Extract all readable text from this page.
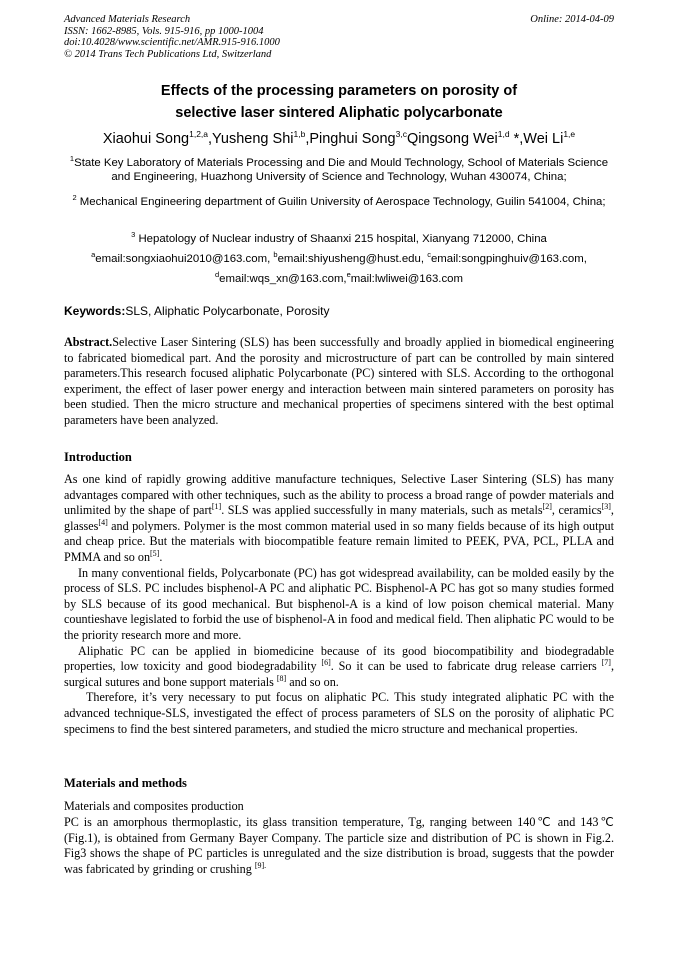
Advanced Materials Research
ISSN: 1662-8985, Vols. 915-916, pp 1000-1004
doi:10.4028/www.scientific.net/AMR.915-916.1000
© 2014 Trans Tech Publications Ltd, Switzerland
Online: 2014-04-09
Effects of the processing parameters on porosity of
selective laser sintered Aliphatic polycarbonate
Xiaohui Song$^{1,2,a}$,Yusheng Shi$^{1,b}$,Pinghui Song$^{3,c}$Qingsong Wei$^{1,d}$ *,Wei Li$^{1,e}$
$^1$State Key Laboratory of Materials Processing and Die and Mould Technology, School of Materials Science and Engineering, Huazhong University of Science and Technology, Wuhan 430074, China;
$^2$ Mechanical Engineering department of Guilin University of Aerospace Technology, Guilin 541004, China;
$^3$ Hepatology of Nuclear industry of Shaanxi 215 hospital, Xianyang 712000, China
$^a$email:songxiaohui2010@163.com, $^b$email:shiyusheng@hust.edu, $^c$email:songpinghuiv@163.com,
$^d$email:wqs_xn@163.com,$^e$mail:lwliwei@163.com
Keywords:SLS, Aliphatic Polycarbonate, Porosity

Abstract.Selective Laser Sintering (SLS) has been successfully and broadly applied in biomedical engineering to fabricated biomedical part. And the porosity and microstructure of part can be controlled by main sintered parameters.This research focused aliphatic Polycarbonate (PC) sintered with SLS. According to the orthogonal experiment, the effect of laser power energy and interaction between main sintered parameters on porosity has been studied. Then the micro structure and mechanical properties of specimens sintered with the best optimal parameters have been analyzed.

Introduction

As one kind of rapidly growing additive manufacture techniques, Selective Laser Sintering (SLS) has many advantages compared with other techniques, such as the ability to process a broad range of powder materials and unlimited by the shape of part[1]. SLS was applied successfully in many materials, such as metals[2], ceramics[3], glasses[4] and polymers. Polymer is the most common material used in so many fields because of its high output and cheap price. But the materials with biocompatible feature remain limited to PEEK, PVA, PCL, PLLA and PMMA and so on[5].

In many conventional fields, Polycarbonate (PC) has got widespread availability, can be molded easily by the process of SLS. PC includes bisphenol-A PC and aliphatic PC. Bisphenol-A PC has got so many studies formed by SLS because of its good mechanical. But bisphenol-A is a kind of low poison chemical material. Many countieshave legislated to forbid the use of bisphenol-A in food and medical field. Then aliphatic PC would to be the priority research more and more.

Aliphatic PC can be applied in biomedicine because of its good biocompatibility and biodegradable properties, low toxicity and good biodegradability [6]. So it can be used to fabricate drug release carriers [7], surgical sutures and bone support materials [8] and so on.

Therefore, it’s very necessary to put focus on aliphatic PC. This study integrated aliphatic PC with the advanced technique-SLS, investigated the effect of process parameters of SLS on the porosity of aliphatic PC specimens to find the best sintered parameters, and studied the micro structure and mechanical properties.

Materials and methods
Materials and composites production

PC is an amorphous thermoplastic, its glass transition temperature, Tg, ranging between 140℃ and 143℃(Fig.1), is obtained from Germany Bayer Company. The particle size and distribution of PC is shown in Fig.2. Fig3 shows the shape of PC particles is unregulated and the size distribution is broad, suggests that the powder was fabricated by grinding or crushing $^{[9].}$
